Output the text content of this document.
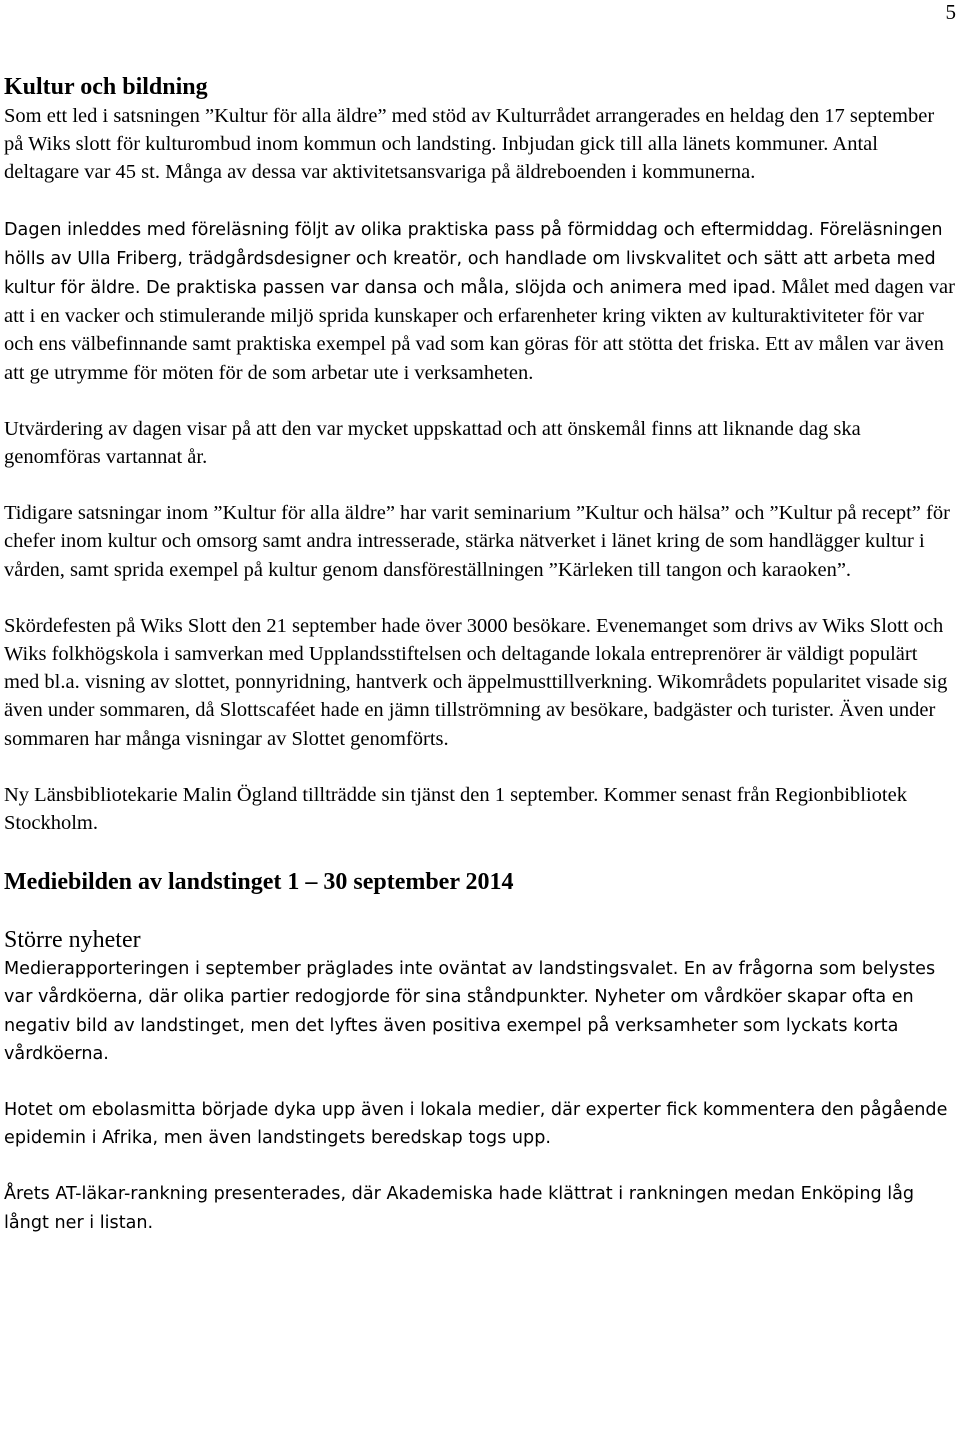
5
Kultur och bildning

Som ett led i satsningen ”Kultur för alla äldre” med stöd av Kulturrådet arrangerades en heldag den 17 september på Wiks slott för kulturombud inom kommun och landsting. Inbjudan gick till alla länets kommuner. Antal deltagare var 45 st. Många av dessa var aktivitetsansvariga på äldreboenden i kommunerna.

Dagen inleddes med föreläsning följt av olika praktiska pass på förmiddag och eftermiddag. Föreläsningen hölls av Ulla Friberg, trädgårdsdesigner och kreatör, och handlade om livskvalitet och sätt att arbeta med kultur för äldre. De praktiska passen var dansa och måla, slöjda och animera med ipad. Målet med dagen var att i en vacker och stimulerande miljö sprida kunskaper och erfarenheter kring vikten av kulturaktiviteter för var och ens välbefinnande samt praktiska exempel på vad som kan göras för att stötta det friska. Ett av målen var även att ge utrymme för möten för de som arbetar ute i verksamheten.

Utvärdering av dagen visar på att den var mycket uppskattad och att önskemål finns att liknande dag ska genomföras vartannat år.

Tidigare satsningar inom ”Kultur för alla äldre” har varit seminarium ”Kultur och hälsa” och ”Kultur på recept” för chefer inom kultur och omsorg samt andra intresserade, stärka nätverket i länet kring de som handlägger kultur i vården, samt sprida exempel på kultur genom dansföreställningen ”Kärleken till tangon och karaoken”.

Skördefesten på Wiks Slott den 21 september hade över 3000 besökare. Evenemanget som drivs av Wiks Slott och Wiks folkhögskola i samverkan med Upplandsstiftelsen och deltagande lokala entreprenörer är väldigt populärt med bl.a. visning av slottet, ponnyridning, hantverk och äppelmusttillverkning. Wikområdets popularitet visade sig även under sommaren, då Slottscaféet hade en jämn tillströmning av besökare, badgäster och turister. Även under sommaren har många visningar av Slottet genomförts.

Ny Länsbibliotekarie Malin Ögland tillträdde sin tjänst den 1 september. Kommer senast från Regionbibliotek Stockholm.

Mediebilden av landstinget 1 – 30 september 2014
Större nyheter

Medierapporteringen i september präglades inte oväntat av landstingsvalet. En av frågorna som belystes var vårdköerna, där olika partier redogjorde för sina ståndpunkter. Nyheter om vårdköer skapar ofta en negativ bild av landstinget, men det lyftes även positiva exempel på verksamheter som lyckats korta vårdköerna.

Hotet om ebolasmitta började dyka upp även i lokala medier, där experter fick kommentera den pågående epidemin i Afrika, men även landstingets beredskap togs upp.

Årets AT-läkar-rankning presenterades, där Akademiska hade klättrat i rankningen medan Enköping låg långt ner i listan.
